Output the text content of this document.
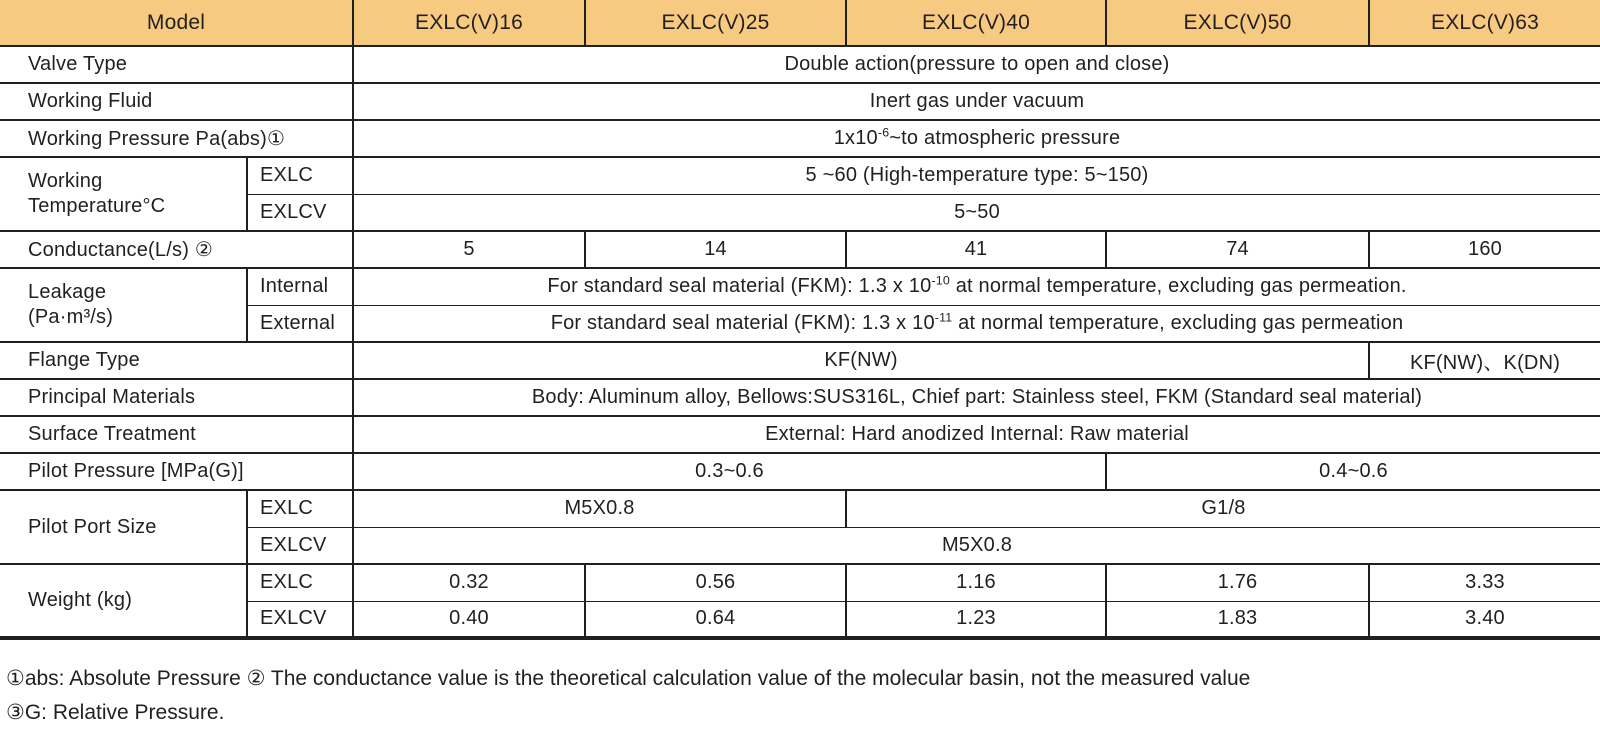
Model		EXLC(V)16	EXLC(V)25	EXLC(V)40	EXLC(V)50	EXLC(V)63
Valve Type		Double action(pressure to open and close)				
Working Fluid		Inert gas under vacuum				
Working Pressure Pa(abs)①		$1x10^{-6}\sim to$ atmospheric pressure				

Working
Temperature°C	EXLC	5 ~60 (High-temperature type: 5~150)				
	EXLCV	5~50				
Conductance(L/s) ②		5	14	41	74	160

Leakage
(Pa·m³/s)	Internal	For standard seal material (FKM): 1.3 x $10^{-10}$ at normal temperature, excluding gas permeation.				
	External	For standard seal material (FKM): 1.3 x $10^{-11}$ at normal temperature, excluding gas permeation				
Flange Type		KF(NW)				KF(NW)、K(DN)
Principal Materials		Body: Aluminum alloy, Bellows:SUS316L, Chief part: Stainless steel, FKM (Standard seal material)				
Surface Treatment		External: Hard anodized Internal: Raw material				
Pilot Pressure [MPa(G)]		0.3~0.6			0.4~0.6	
Pilot Port Size	EXLC	M5X0.8		G1/8		
	EXLCV	M5X0.8				
Weight (kg)	EXLC	0.32	0.56	1.16	1.76	3.33
	EXLCV	0.40	0.64	1.23	1.83	3.40
①abs: Absolute Pressure ② The conductance value is the theoretical calculation value of the molecular basin, not the measured value
③G: Relative Pressure.
